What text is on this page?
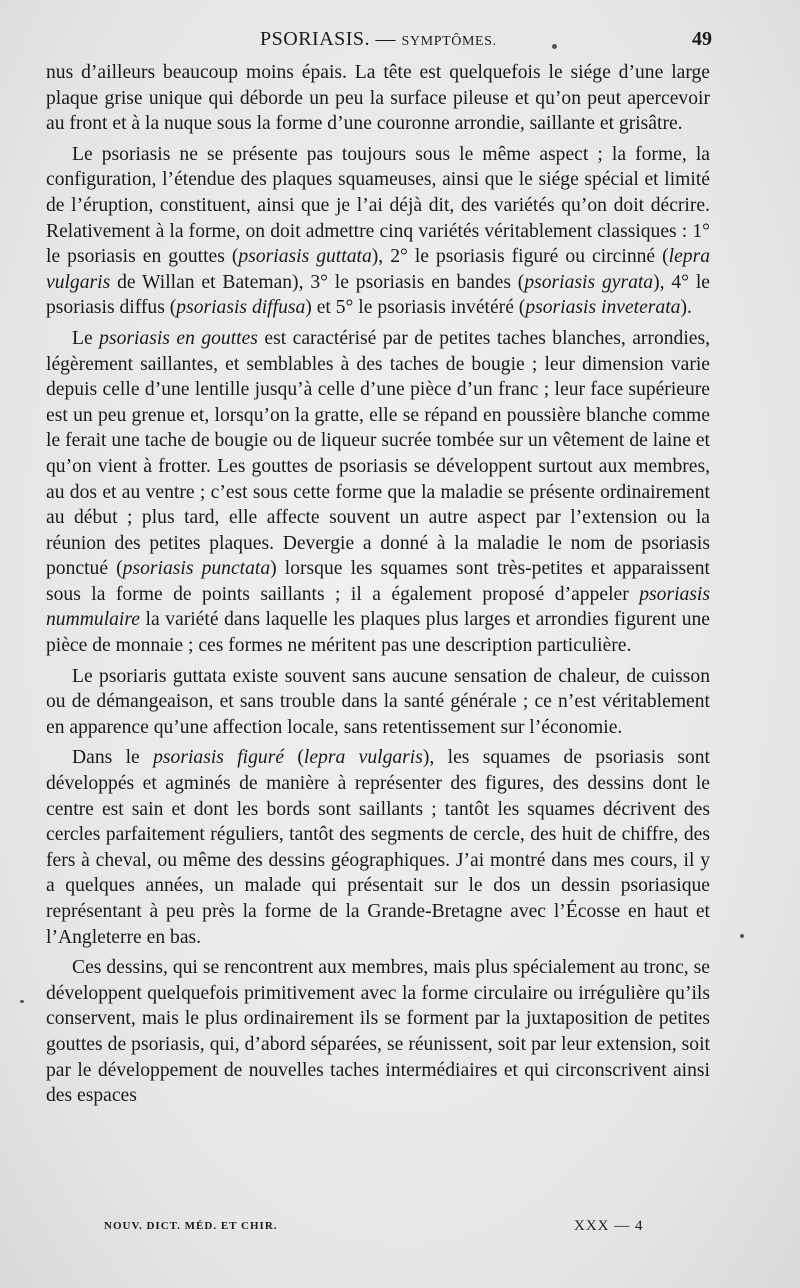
PSORIASIS. — SYMPTÔMES.	49

nus d’ailleurs beaucoup moins épais. La tête est quelquefois le siége d’une large plaque grise unique qui déborde un peu la surface pileuse et qu’on peut apercevoir au front et à la nuque sous la forme d’une couronne arrondie, saillante et grisâtre.

Le psoriasis ne se présente pas toujours sous le même aspect ; la forme, la configuration, l’étendue des plaques squameuses, ainsi que le siége spécial et limité de l’éruption, constituent, ainsi que je l’ai déjà dit, des variétés qu’on doit décrire. Relativement à la forme, on doit admettre cinq variétés véritablement classiques : 1° le psoriasis en gouttes (psoriasis guttata), 2° le psoriasis figuré ou circinné (lepra vulgaris de Willan et Bateman), 3° le psoriasis en bandes (psoriasis gyrata), 4° le psoriasis diffus (psoriasis diffusa) et 5° le psoriasis invétéré (psoriasis inveterata).

Le psoriasis en gouttes est caractérisé par de petites taches blanches, arrondies, légèrement saillantes, et semblables à des taches de bougie ; leur dimension varie depuis celle d’une lentille jusqu’à celle d’une pièce d’un franc ; leur face supérieure est un peu grenue et, lorsqu’on la gratte, elle se répand en poussière blanche comme le ferait une tache de bougie ou de liqueur sucrée tombée sur un vêtement de laine et qu’on vient à frotter. Les gouttes de psoriasis se développent surtout aux membres, au dos et au ventre ; c’est sous cette forme que la maladie se présente ordinairement au début ; plus tard, elle affecte souvent un autre aspect par l’extension ou la réunion des petites plaques. Devergie a donné à la maladie le nom de psoriasis ponctué (psoriasis punctata) lorsque les squames sont très-petites et apparaissent sous la forme de points saillants ; il a également proposé d’appeler psoriasis nummulaire la variété dans laquelle les plaques plus larges et arrondies figurent une pièce de monnaie ; ces formes ne méritent pas une description particulière.

Le psoriaris guttata existe souvent sans aucune sensation de chaleur, de cuisson ou de démangeaison, et sans trouble dans la santé générale ; ce n’est véritablement en apparence qu’une affection locale, sans retentissement sur l’économie.

Dans le psoriasis figuré (lepra vulgaris), les squames de psoriasis sont développés et agminés de manière à représenter des figures, des dessins dont le centre est sain et dont les bords sont saillants ; tantôt les squames décrivent des cercles parfaitement réguliers, tantôt des segments de cercle, des huit de chiffre, des fers à cheval, ou même des dessins géographiques. J’ai montré dans mes cours, il y a quelques années, un malade qui présentait sur le dos un dessin psoriasique représentant à peu près la forme de la Grande-Bretagne avec l’Écosse en haut et l’Angleterre en bas.

Ces dessins, qui se rencontrent aux membres, mais plus spécialement au tronc, se développent quelquefois primitivement avec la forme circulaire ou irrégulière qu’ils conservent, mais le plus ordinairement ils se forment par la juxtaposition de petites gouttes de psoriasis, qui, d’abord séparées, se réunissent, soit par leur extension, soit par le développement de nouvelles taches intermédiaires et qui circonscrivent ainsi des espaces

NOUV. DICT. MÉD. ET CHIR.	XXX — 4
